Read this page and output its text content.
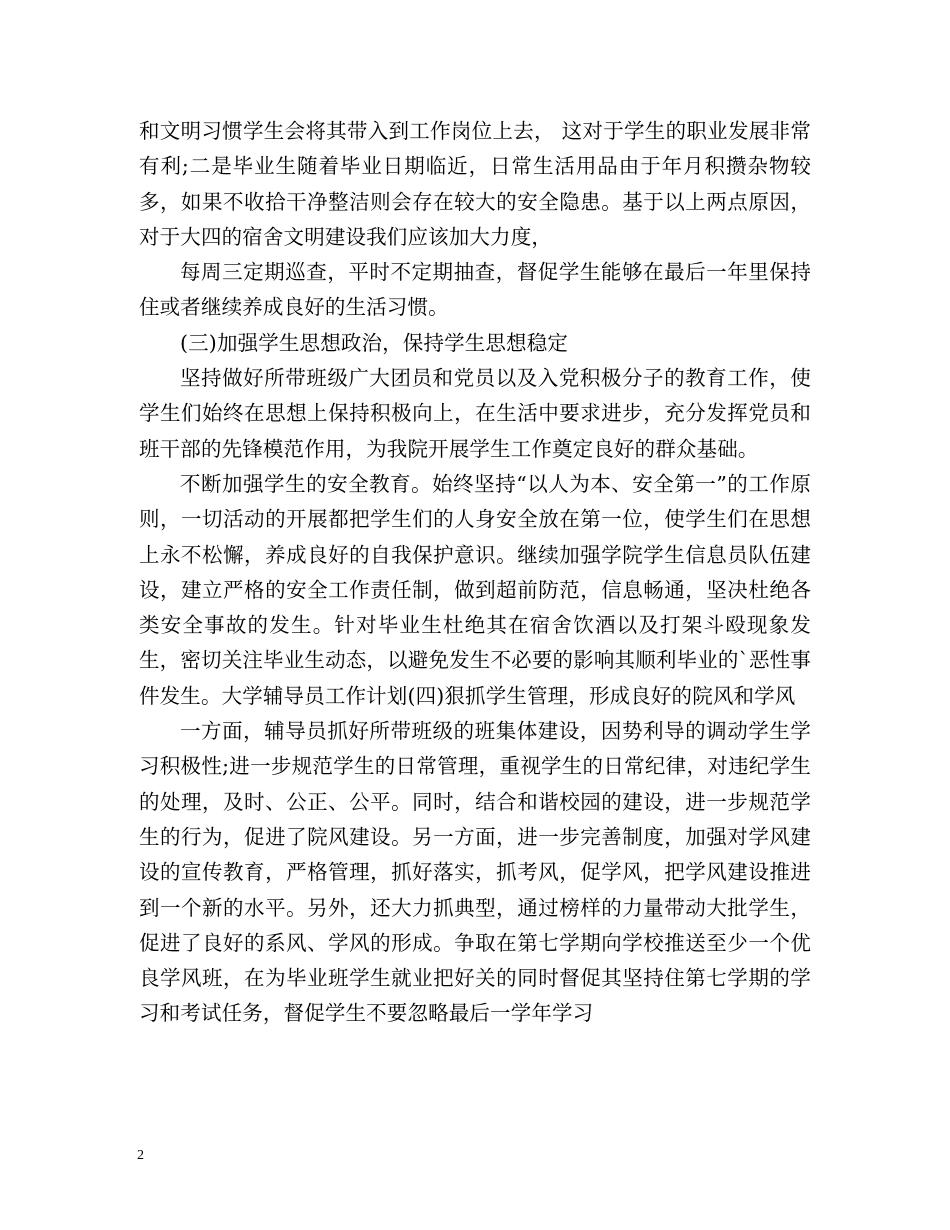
和文明习惯学生会将其带入到工作岗位上去， 这对于学生的职业发展非常有利;二是毕业生随着毕业日期临近，日常生活用品由于年月积攒杂物较多，如果不收拾干净整洁则会存在较大的安全隐患。基于以上两点原因，对于大四的宿舍文明建设我们应该加大力度，

每周三定期巡查，平时不定期抽查，督促学生能够在最后一年里保持住或者继续养成良好的生活习惯。

(三)加强学生思想政治，保持学生思想稳定

坚持做好所带班级广大团员和党员以及入党积极分子的教育工作，使学生们始终在思想上保持积极向上，在生活中要求进步，充分发挥党员和班干部的先锋模范作用，为我院开展学生工作奠定良好的群众基础。

不断加强学生的安全教育。始终坚持“以人为本、安全第一”的工作原则，一切活动的开展都把学生们的人身安全放在第一位，使学生们在思想上永不松懈，养成良好的自我保护意识。继续加强学院学生信息员队伍建设，建立严格的安全工作责任制，做到超前防范，信息畅通，坚决杜绝各类安全事故的发生。针对毕业生杜绝其在宿舍饮酒以及打架斗殴现象发生，密切关注毕业生动态，以避免发生不必要的影响其顺利毕业的`恶性事件发生。大学辅导员工作计划(四)狠抓学生管理，形成良好的院风和学风

一方面，辅导员抓好所带班级的班集体建设，因势利导的调动学生学习积极性;进一步规范学生的日常管理，重视学生的日常纪律，对违纪学生的处理，及时、公正、公平。同时，结合和谐校园的建设，进一步规范学生的行为，促进了院风建设。另一方面，进一步完善制度，加强对学风建设的宣传教育，严格管理，抓好落实，抓考风，促学风，把学风建设推进到一个新的水平。另外，还大力抓典型，通过榜样的力量带动大批学生，促进了良好的系风、学风的形成。争取在第七学期向学校推送至少一个优良学风班，在为毕业班学生就业把好关的同时督促其坚持住第七学期的学习和考试任务，督促学生不要忽略最后一学年学习

2
